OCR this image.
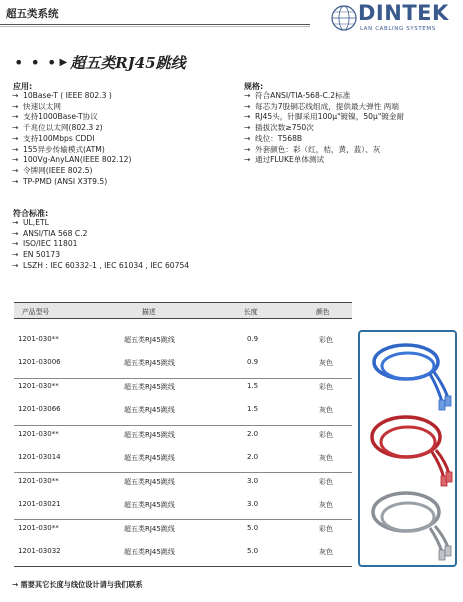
超五类系统	DINTEK
LAN CABLING SYSTEMS
• • • ▶ 超五类RJ45跳线
应用:
→ 10Base-T ( IEEE 802.3 )
→ 快速以太网
→ 支持1000Base-T协议
→ 千兆位以太网(802.3 z)
→ 支持100Mbps CDDI
→ 155异步传输模式(ATM)
→ 100Vg-AnyLAN(IEEE 802.12)
→ 令牌网(IEEE 802.5)
→ TP-PMD (ANSI X3T9.5)
规格:
→ 符合ANSI/TIA-568-C.2标准
→ 每芯为7股铜芯线组成，提供最大弹性 两端
→ RJ45头，针脚采用100μ"镀镍，50μ"镀金耐
→ 插拔次数≥750次
→ 线位：T568B
→ 外套颜色：彩（红，桔，黄，蓝）、灰
→ 通过FLUKE单体测试
符合标准:
→ UL,ETL
→ ANSI/TIA 568 C.2
→ ISO/IEC 11801
→ EN 50173
→ LSZH : IEC 60332-1 , IEC 61034 , IEC 60754
产品型号	描述	长度	颜色
1201-030**	超五类RJ45跳线	0.9	彩色
1201-03006	超五类RJ45跳线	0.9	灰色
1201-030**	超五类RJ45跳线	1.5	彩色
1201-03066	超五类RJ45跳线	1.5	灰色
1201-030**	超五类RJ45跳线	2.0	彩色
1201-03014	超五类RJ45跳线	2.0	灰色
1201-030**	超五类RJ45跳线	3.0	彩色
1201-03021	超五类RJ45跳线	3.0	灰色
1201-030**	超五类RJ45跳线	5.0	彩色
1201-03032	超五类RJ45跳线	5.0	灰色
→ 需要其它长度与线位设计请与我们联系
